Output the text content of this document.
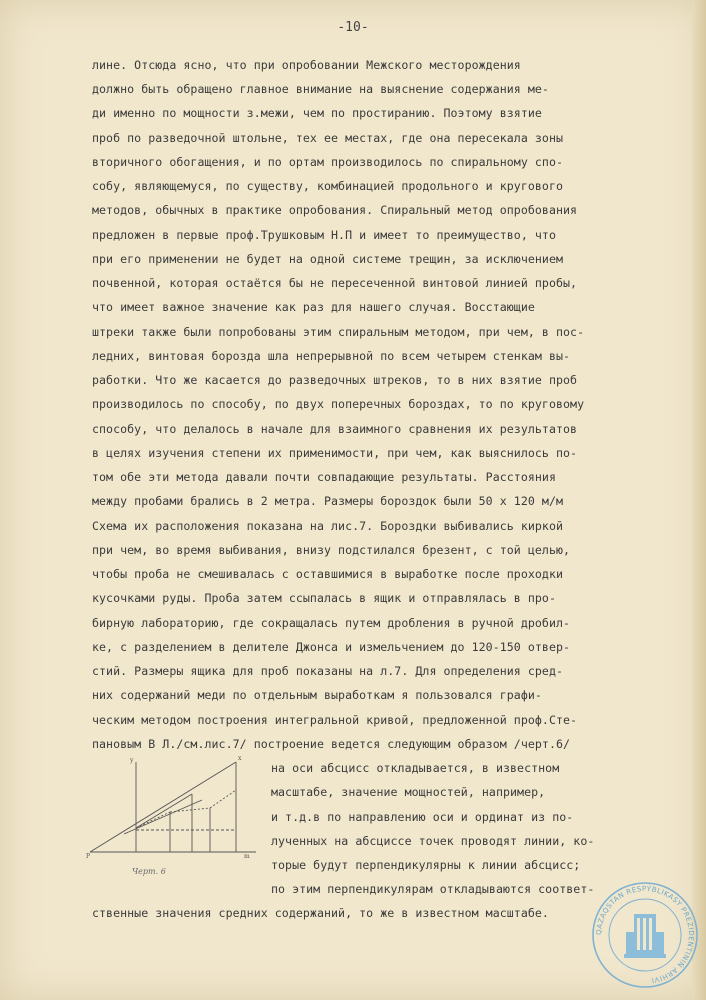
-10-
лине. Отсюда ясно, что при опробовании Межского месторождения
должно быть обращено главное внимание на выяснение содержания ме-
ди именно по мощности з.межи, чем по простиранию. Поэтому взятие
проб по разведочной штольне, тех ее местах, где она пересекала зоны
вторичного обогащения, и по ортам производилось по спиральному спо-
собу, являющемуся, по существу, комбинацией продольного и кругового
методов, обычных в практике опробования. Спиральный метод опробования
предложен в первые проф.Трушковым Н.П и имеет то преимущество, что
при его применении не будет на одной системе трещин, за исключением
почвенной, которая остаётся бы не пересеченной винтовой линией пробы,
что имеет важное значение как раз для нашего случая. Восстающие
штреки также были попробованы этим спиральным методом, при чем, в пос-
ледних, винтовая борозда шла непрерывной по всем четырем стенкам вы-
работки. Что же касается до разведочных штреков, то в них взятие проб
производилось по способу, по двух поперечных бороздах, то по круговому
способу, что делалось в начале для взаимного сравнения их результатов
в целях изучения степени их применимости, при чем, как выяснилось по-
том обе эти метода давали почти совпадающие результаты. Расстояния
между пробами брались в 2 метра. Размеры бороздок были 50 х 120 м/м
Схема их расположения показана на лис.7. Бороздки выбивались киркой
при чем, во время выбивания, внизу подстилался брезент, с той целью,
чтобы проба не смешивалась с оставшимися в выработке после проходки
кусочками руды. Проба затем ссыпалась в ящик и отправлялась в про-
бирную лабораторию, где сокращалась путем дробления в ручной дробил-
ке, с разделением в делителе Джонса и измельчением до 120-150 отвер-
стий. Размеры ящика для проб показаны на л.7. Для определения сред-
них содержаний меди по отдельным выработкам я пользовался графи-
ческим методом построения интегральной кривой, предложенной проф.Сте-
пановым В Л./см.лис.7/ построение ведется следующим образом /черт.6/
на оси абсцисс откладывается, в известном
масштабе, значение мощностей, например,
и т.д.в по направлению оси и ординат из по-
лученных на абсциссе точек проводят линии, ко-
торые будут перпендикулярны к линии абсцисс;
по этим перпендикулярам откладываются соответ-
ственные значения средних содержаний, то же в известном масштабе.
y	x
P	m
Черт. 6
QAZAQSTAN RESPÝBLIKASY PREZIDENTINIŃ ARHIVI
